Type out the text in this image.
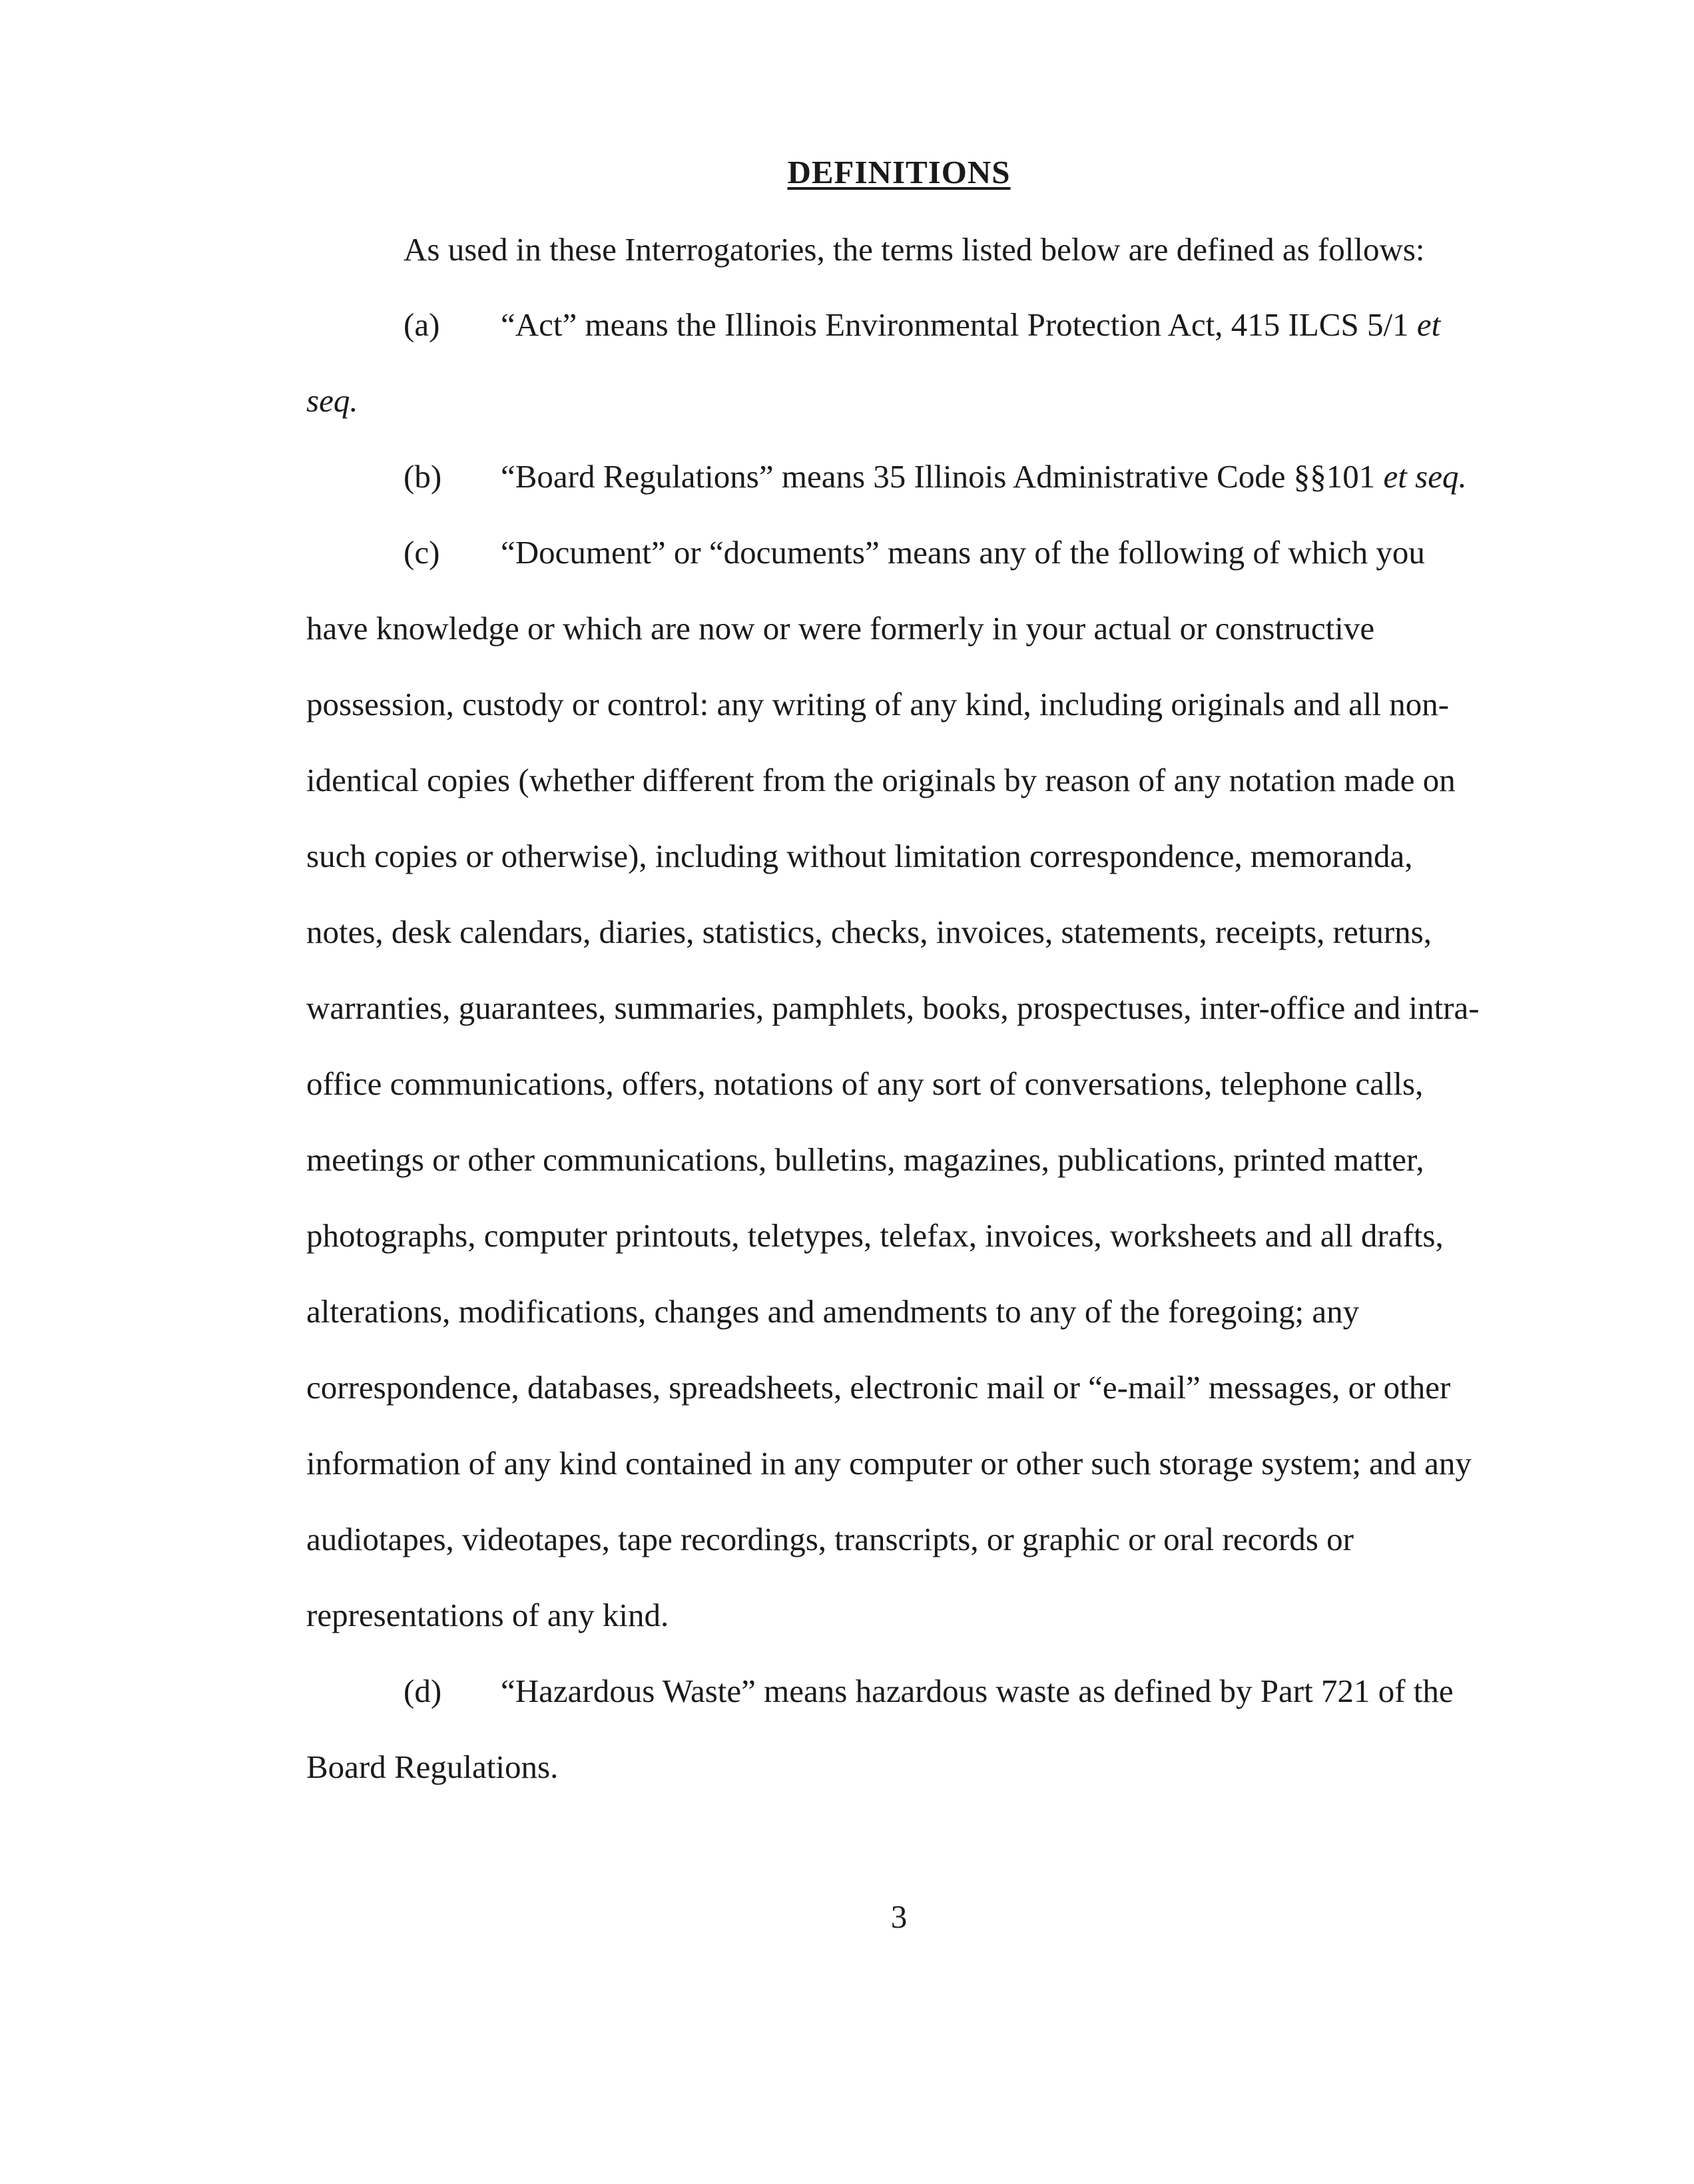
DEFINITIONS
As used in these Interrogatories, the terms listed below are defined as follows:
(a) “Act” means the Illinois Environmental Protection Act, 415 ILCS 5/1 et
seq.
(b) “Board Regulations” means 35 Illinois Administrative Code §§101 et seq.
(c) “Document” or “documents” means any of the following of which you
have knowledge or which are now or were formerly in your actual or constructive
possession, custody or control: any writing of any kind, including originals and all non-
identical copies (whether different from the originals by reason of any notation made on
such copies or otherwise), including without limitation correspondence, memoranda,
notes, desk calendars, diaries, statistics, checks, invoices, statements, receipts, returns,
warranties, guarantees, summaries, pamphlets, books, prospectuses, inter-office and intra-
office communications, offers, notations of any sort of conversations, telephone calls,
meetings or other communications, bulletins, magazines, publications, printed matter,
photographs, computer printouts, teletypes, telefax, invoices, worksheets and all drafts,
alterations, modifications, changes and amendments to any of the foregoing; any
correspondence, databases, spreadsheets, electronic mail or “e-mail” messages, or other
information of any kind contained in any computer or other such storage system; and any
audiotapes, videotapes, tape recordings, transcripts, or graphic or oral records or
representations of any kind.
(d) “Hazardous Waste” means hazardous waste as defined by Part 721 of the
Board Regulations.
3
